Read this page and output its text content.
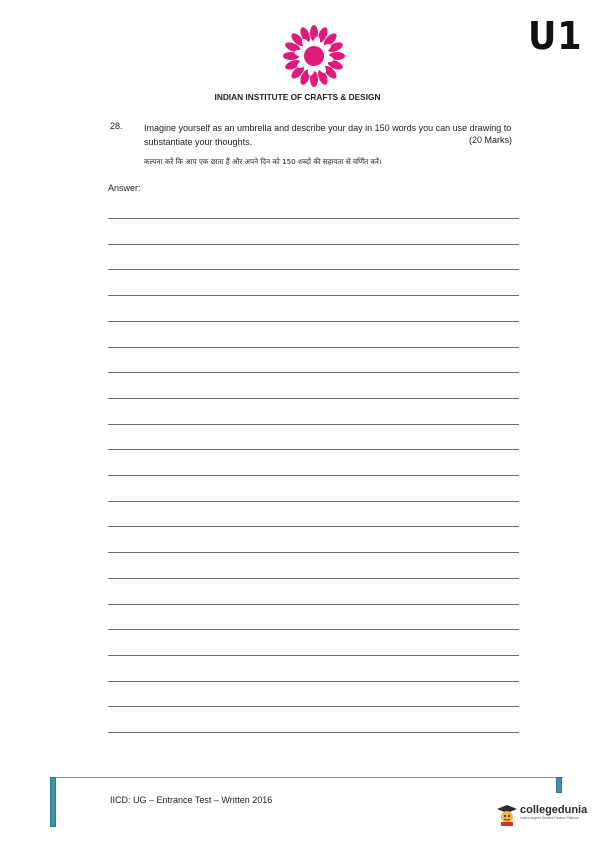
U1
INDIAN INSTITUTE OF CRAFTS & DESIGN
28. Imagine yourself as an umbrella and describe your day in 150 words you can use drawing to substantiate your thoughts.	(20 Marks)
कल्पना करें कि आप एक छाता हैं और अपने दिन को 150 शब्दों की सहायता से वर्णित करें।
Answer:
IICD: UG – Entrance Test – Written 2016
collegedunia
India's largest Student Review Platform
